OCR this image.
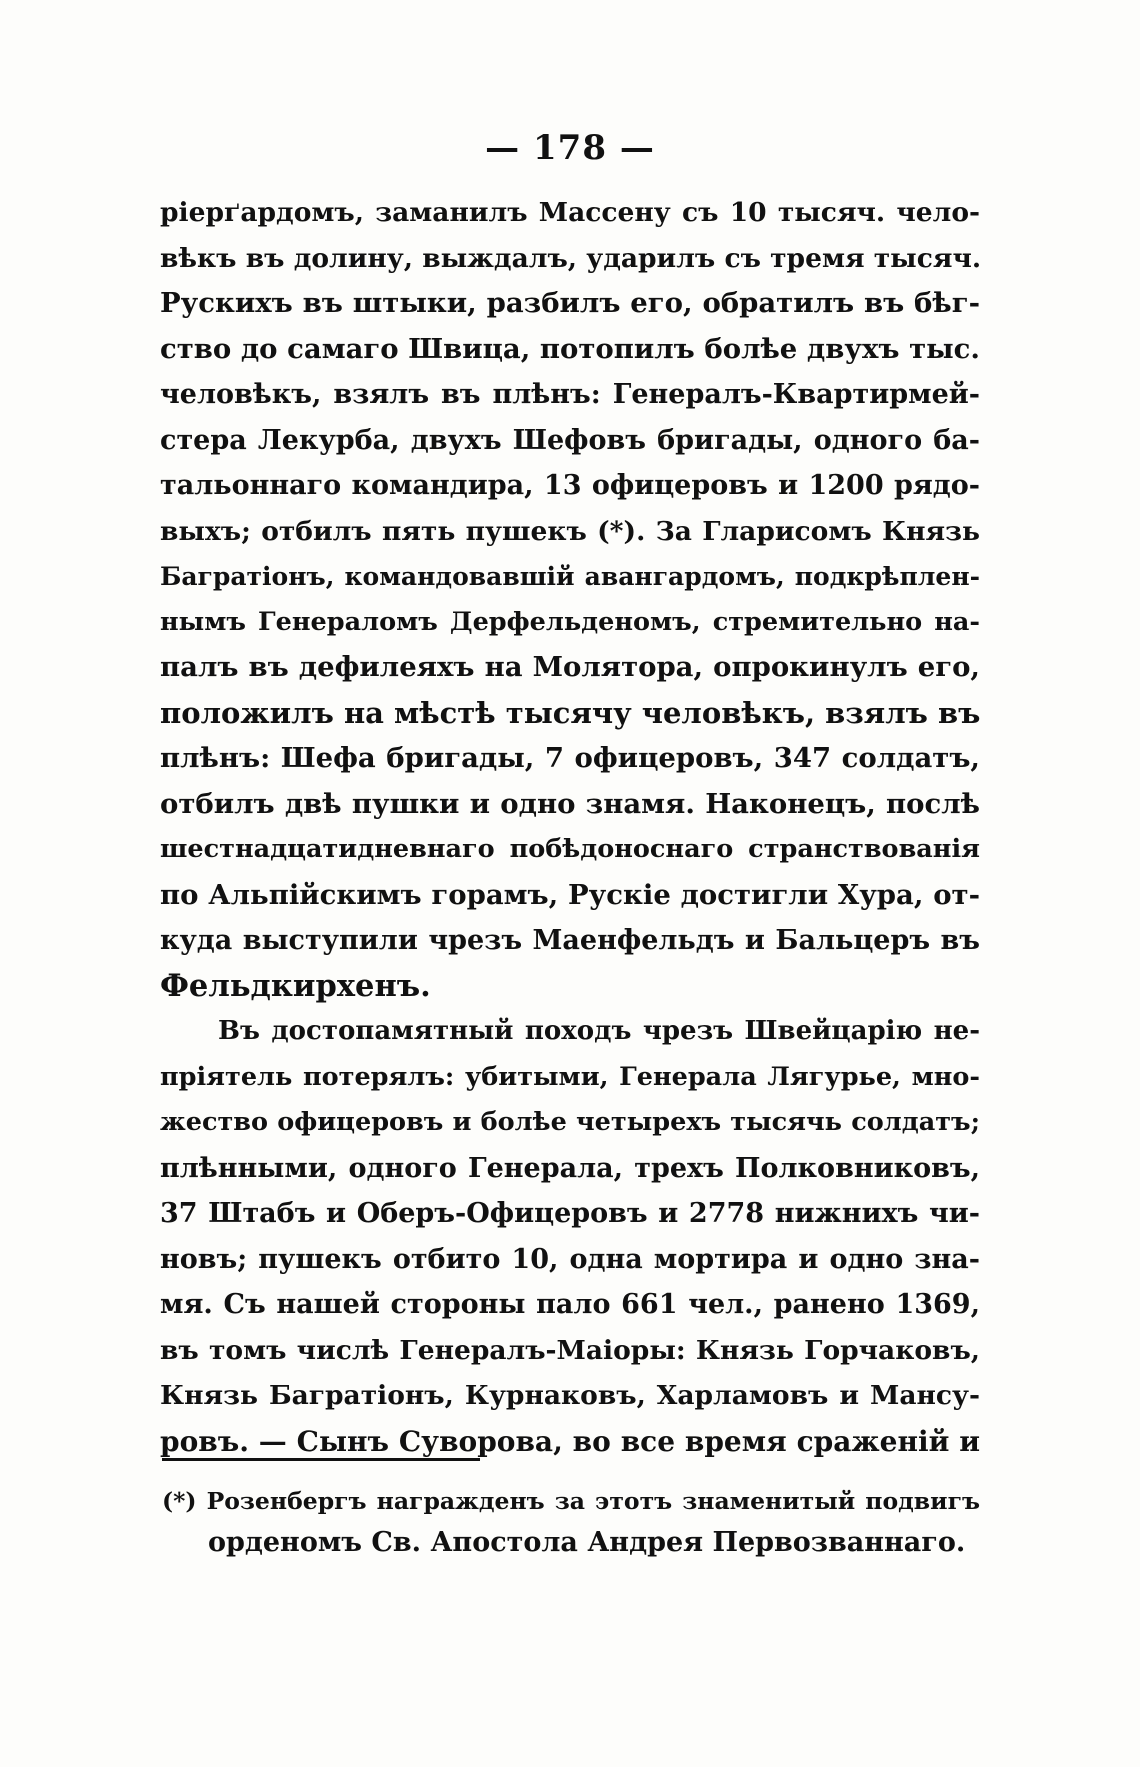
— 178 —
ріерґардомъ, заманилъ Массену съ 10 тысяч. чело-
вѣкъ въ долину, выждалъ, ударилъ съ тремя тысяч.
Рускихъ въ штыки, разбилъ его, обратилъ въ бѣг-
ство до самаго Швица, потопилъ болѣе двухъ тыс.
человѣкъ, взялъ въ плѣнъ: Генералъ-Квартирмей-
стера Лекурба, двухъ Шефовъ бригады, одного ба-
тальоннаго командира, 13 офицеровъ и 1200 рядо-
выхъ; отбилъ пять пушекъ (*). За Гларисомъ Князь
Багратіонъ, командовавшій авангардомъ, подкрѣплен-
нымъ Генераломъ Дерфельденомъ, стремительно на-
палъ въ дефилеяхъ на Молятора, опрокинулъ его,
положилъ на мѣстѣ тысячу человѣкъ, взялъ въ
плѣнъ: Шефа бригады, 7 офицеровъ, 347 солдатъ,
отбилъ двѣ пушки и одно знамя. Наконецъ, послѣ
шестнадцатидневнаго побѣдоноснаго странствованія
по Альпійскимъ горамъ, Рускіе достигли Хура, от-
куда выступили чрезъ Маенфельдъ и Бальцеръ въ
Фельдкирхенъ.
Въ достопамятный походъ чрезъ Швейцарію не-
пріятель потерялъ: убитыми, Генерала Лягурье, мно-
жество офицеровъ и болѣе четырехъ тысячь солдатъ;
плѣнными, одного Генерала, трехъ Полковниковъ,
37 Штабъ и Оберъ-Офицеровъ и 2778 нижнихъ чи-
новъ; пушекъ отбито 10, одна мортира и одно зна-
мя. Съ нашей стороны пало 661 чел., ранено 1369,
въ томъ числѣ Генералъ-Маіоры: Князь Горчаковъ,
Князь Багратіонъ, Курнаковъ, Харламовъ и Мансу-
ровъ. — Сынъ Суворова, во все время сраженій и
(*) Розенбергъ награжденъ за этотъ знаменитый подвигъ
орденомъ Св. Апостола Андрея Первозваннаго.
